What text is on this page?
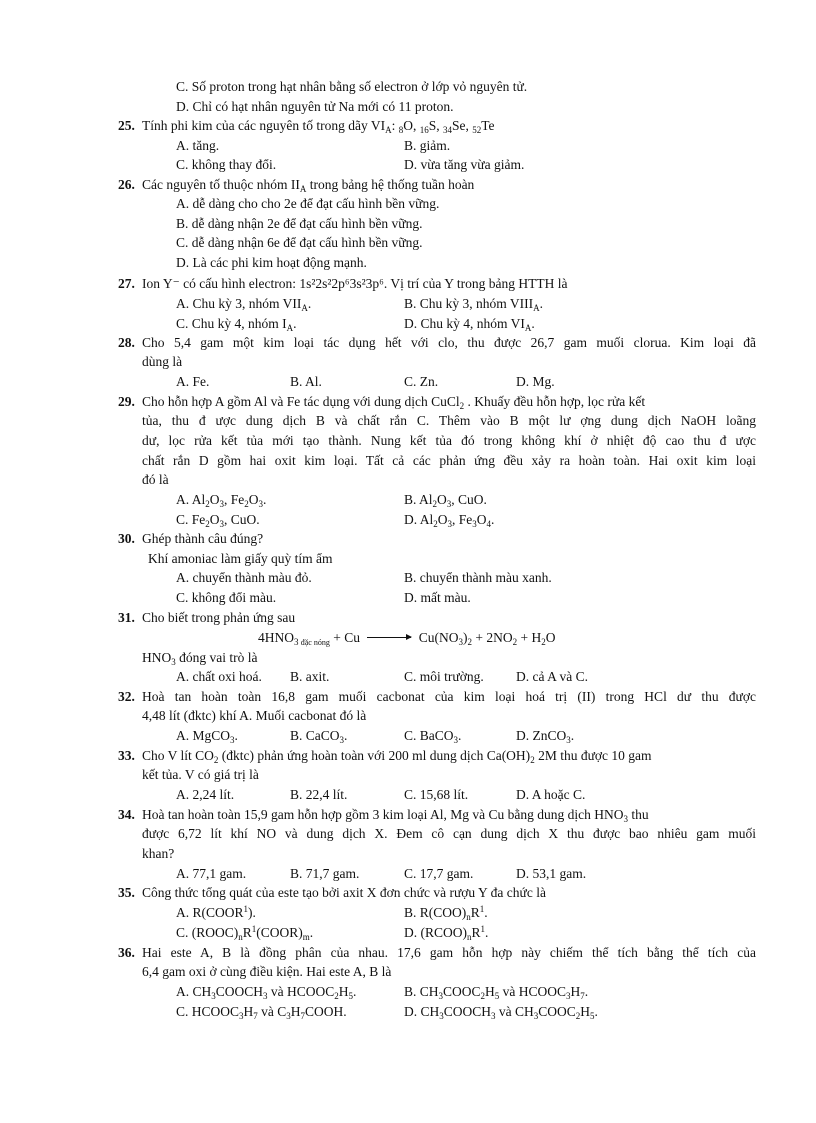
C. Số proton trong hạt nhân bằng số electron ở lớp vỏ nguyên tử.
D. Chỉ có hạt nhân nguyên tử Na mới có 11 proton.
25. Tính phi kim của các nguyên tố trong dãy $VI_A$: $_8$O, $_{16}$S, $_{34}$Se, $_{52}$Te
A. tăng.	B. giảm.
C. không thay đổi.	D. vừa tăng vừa giảm.
26. Các nguyên tố thuộc nhóm $II_A$ trong bảng hệ thống tuần hoàn
A. dễ dàng cho cho 2e để đạt cấu hình bền vững.
B. dễ dàng nhận 2e để đạt cấu hình bền vững.
C. dễ dàng nhận 6e để đạt cấu hình bền vững.
D. Là các phi kim hoạt động mạnh.
27. Ion Y⁻ có cấu hình electron: 1s²2s²2p⁶3s²3p⁶. Vị trí của Y trong bảng HTTH là
A. Chu kỳ 3, nhóm $VII_A$.	B. Chu kỳ 3, nhóm $VIII_A$.
C. Chu kỳ 4, nhóm $I_A$.	D. Chu kỳ 4, nhóm $VI_A$.
28. Cho 5,4 gam một kim loại tác dụng hết với clo, thu được 26,7 gam muối clorua. Kim loại đã
dùng là
A. Fe.	B. Al.	C. Zn.	D. Mg.
29. Cho hỗn hợp A gồm Al và Fe tác dụng với dung dịch CuCl$_2$ . Khuấy đều hỗn hợp, lọc rửa kết
tủa, thu đ ược dung dịch B và chất rắn C. Thêm vào B một lư ợng dung dịch NaOH loãng
dư, lọc rửa kết tủa mới tạo thành. Nung kết tủa đó trong không khí ở nhiệt độ cao thu đ ược
chất rắn D gồm hai oxit kim loại. Tất cả các phản ứng đều xảy ra hoàn toàn. Hai oxit kim loại
đó là
A. $Al_2O_3$, $Fe_2O_3$.	B. $Al_2O_3$, CuO.
C. $Fe_2O_3$, CuO.	D. $Al_2O_3$, $Fe_3O_4$.
30. Ghép thành câu đúng?
Khí amoniac làm giấy quỳ tím ẩm
A. chuyển thành màu đỏ.	B. chuyển thành màu xanh.
C. không đổi màu.	D. mất màu.
31. Cho biết trong phản ứng sau
$4HNO_{3 đặc nóng} + Cu$	$Cu(NO_3)_2 + 2NO_2 + H_2O$
$HNO_3$ đóng vai trò là
A. chất oxi hoá. B. axit.	C. môi trường. D. cả A và C.
32. Hoà tan hoàn toàn 16,8 gam muối cacbonat của kim loại hoá trị (II) trong HCl dư thu được
4,48 lít (đktc) khí A. Muối cacbonat đó là
A. MgCO$_3$.	B. CaCO$_3$.	C. BaCO$_3$.	D. ZnCO$_3$.
33. Cho V lít $CO_2$ (đktc) phản ứng hoàn toàn với 200 ml dung dịch $Ca(OH)_2$ 2M thu được 10 gam
kết tủa. V có giá trị là
A. 2,24 lít.	B. 22,4 lít.	C. 15,68 lít.	D. A hoặc C.
34. Hoà tan hoàn toàn 15,9 gam hỗn hợp gồm 3 kim loại Al, Mg và Cu bằng dung dịch $HNO_3$ thu
được 6,72 lít khí NO và dung dịch X. Đem cô cạn dung dịch X thu được bao nhiêu gam muối
khan?
A. 77,1 gam.	B. 71,7 gam.	C. 17,7 gam.	D. 53,1 gam.
35. Công thức tổng quát của este tạo bởi axit X đơn chức và rượu Y đa chức là
A. R(COOR$^1$).	B. $R(COO)_nR^1$.
C. $(ROOC)_nR^1(COOR)_m$.	D. $(RCOO)_nR^1$.
36. Hai este A, B là đồng phân của nhau. 17,6 gam hỗn hợp này chiếm thể tích bằng thể tích của
6,4 gam oxi ở cùng điều kiện. Hai este A, B là
A. $CH_3COOCH_3$ và $HCOOC_2H_5$.	B. $CH_3COOC_2H_5$ và $HCOOC_3H_7$.
C. $HCOOC_3H_7$ và $C_3H_7COOH$.	D. $CH_3COOCH_3$ và $CH_3COOC_2H_5$.
